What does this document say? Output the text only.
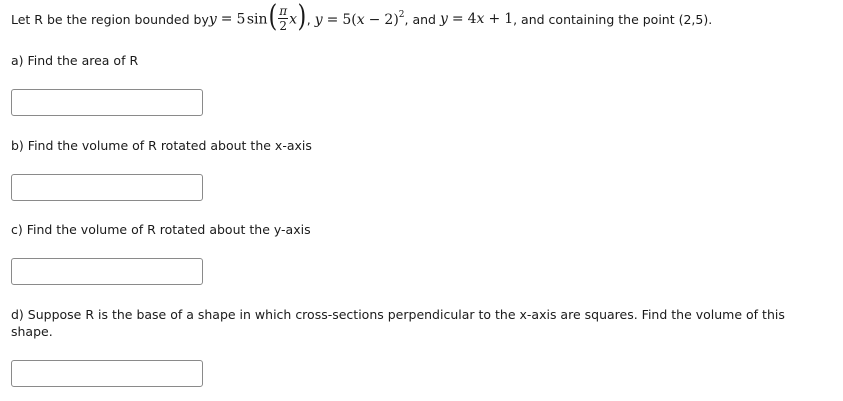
Let R be the region bounded by y = 5 $\sin( \frac{\pi}{2} x)$ ,
$y = 5(x - 2)^2$ , and
y = 4x + 1 , and containing the point (2,5).
a) Find the area of R
b) Find the volume of R rotated about the x-axis
c) Find the volume of R rotated about the y-axis
d) Suppose R is the base of a shape in which cross-sections perpendicular to the x-axis are squares. Find the volume of this shape.
